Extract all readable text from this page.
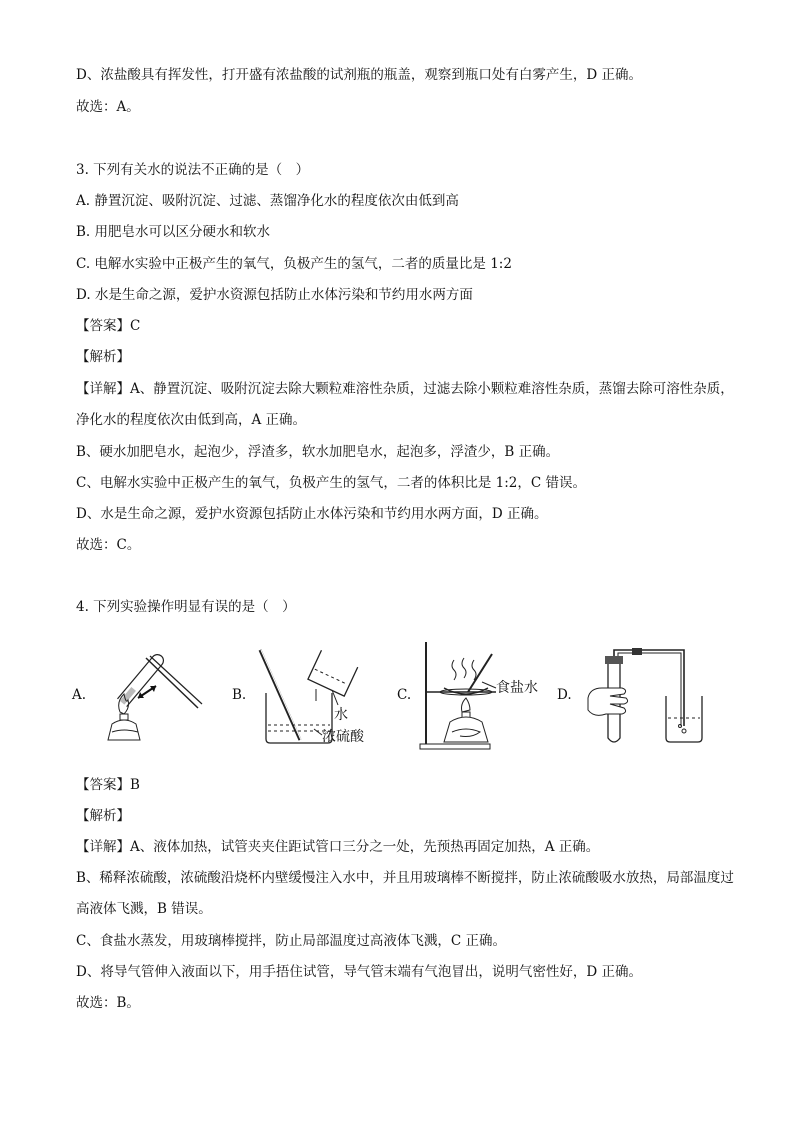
D、浓盐酸具有挥发性，打开盛有浓盐酸的试剂瓶的瓶盖，观察到瓶口处有白雾产生，D 正确。
故选：A。
3. 下列有关水的说法不正确的是（　）
A. 静置沉淀、吸附沉淀、过滤、蒸馏净化水的程度依次由低到高
B. 用肥皂水可以区分硬水和软水
C. 电解水实验中正极产生的氧气，负极产生的氢气，二者的质量比是 1:2
D. 水是生命之源，爱护水资源包括防止水体污染和节约用水两方面
【答案】C
【解析】
【详解】A、静置沉淀、吸附沉淀去除大颗粒难溶性杂质，过滤去除小颗粒难溶性杂质，蒸馏去除可溶性杂质，净化水的程度依次由低到高，A 正确。
B、硬水加肥皂水，起泡少，浮渣多，软水加肥皂水，起泡多，浮渣少，B 正确。
C、电解水实验中正极产生的氧气，负极产生的氢气，二者的体积比是 1:2，C 错误。
D、水是生命之源，爱护水资源包括防止水体污染和节约用水两方面，D 正确。
故选：C。
4. 下列实验操作明显有误的是（　）
A.	B.	C.	D.
水
浓硫酸
食盐水
【答案】B
【解析】
【详解】A、液体加热，试管夹夹住距试管口三分之一处，先预热再固定加热，A 正确。
B、稀释浓硫酸，浓硫酸沿烧杯内壁缓慢注入水中，并且用玻璃棒不断搅拌，防止浓硫酸吸水放热，局部温度过高液体飞溅，B 错误。
C、食盐水蒸发，用玻璃棒搅拌，防止局部温度过高液体飞溅，C 正确。
D、将导气管伸入液面以下，用手捂住试管，导气管末端有气泡冒出，说明气密性好，D 正确。
故选：B。
